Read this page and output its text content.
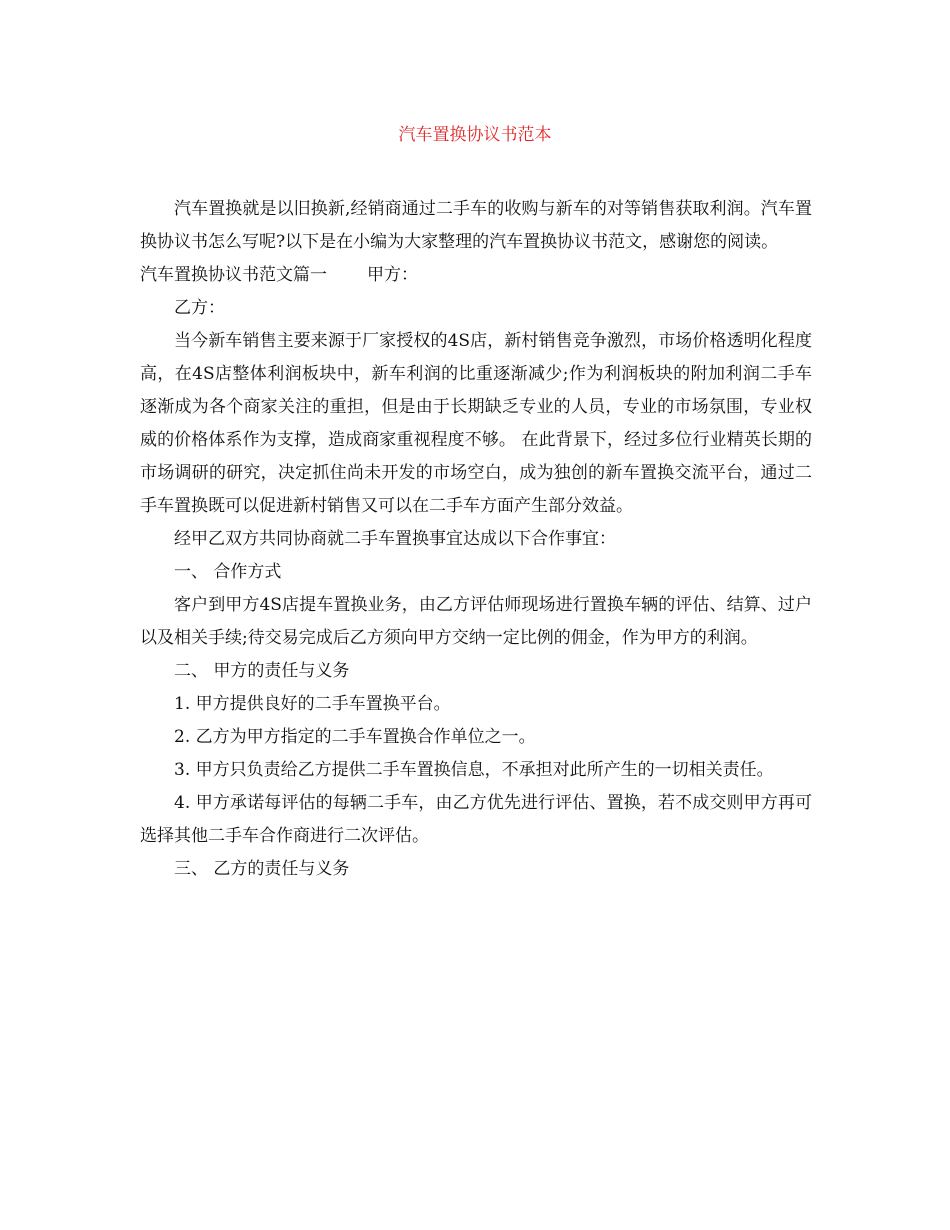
汽车置换协议书范本

汽车置换就是以旧换新,经销商通过二手车的收购与新车的对等销售获取利润。汽车置换协议书怎么写呢?以下是在小编为大家整理的汽车置换协议书范文，感谢您的阅读。

汽车置换协议书范文篇一 甲方：

乙方：

当今新车销售主要来源于厂家授权的4S店，新村销售竞争激烈，市场价格透明化程度高，在4S店整体利润板块中，新车利润的比重逐渐减少;作为利润板块的附加利润二手车逐渐成为各个商家关注的重担，但是由于长期缺乏专业的人员，专业的市场氛围，专业权威的价格体系作为支撑，造成商家重视程度不够。 在此背景下，经过多位行业精英长期的市场调研的研究，决定抓住尚未开发的市场空白，成为独创的新车置换交流平台，通过二手车置换既可以促进新村销售又可以在二手车方面产生部分效益。

经甲乙双方共同协商就二手车置换事宜达成以下合作事宜：

一、 合作方式

客户到甲方4S店提车置换业务，由乙方评估师现场进行置换车辆的评估、结算、过户以及相关手续;待交易完成后乙方须向甲方交纳一定比例的佣金，作为甲方的利润。

二、 甲方的责任与义务

1. 甲方提供良好的二手车置换平台。

2. 乙方为甲方指定的二手车置换合作单位之一。

3. 甲方只负责给乙方提供二手车置换信息，不承担对此所产生的一切相关责任。

4. 甲方承诺每评估的每辆二手车，由乙方优先进行评估、置换，若不成交则甲方再可选择其他二手车合作商进行二次评估。

三、 乙方的责任与义务
